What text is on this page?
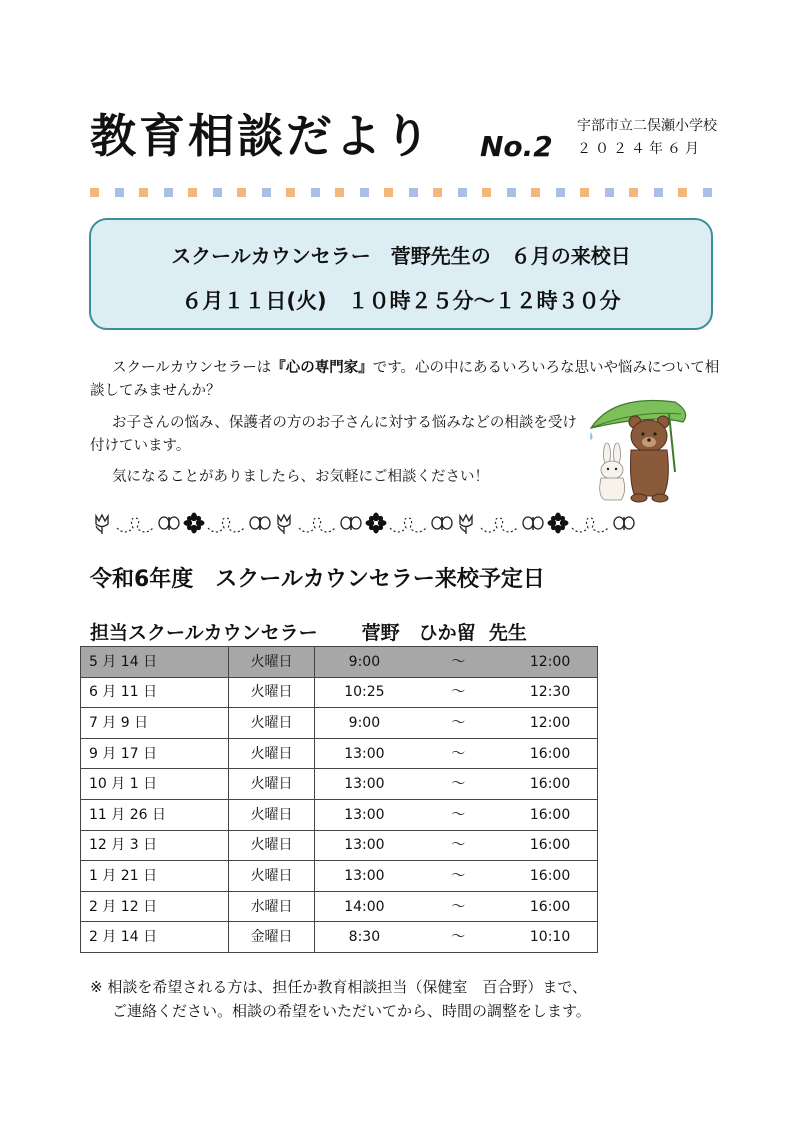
教育相談だより No.2
宇部市立二俣瀬小学校
２０２４年６月
スクールカウンセラー　菅野先生の　６月の来校日
６月１１日(火)　１０時２５分～１２時３０分
スクールカウンセラーは『心の専門家』です。心の中にあるいろいろな思いや悩みについて相談してみませんか？
お子さんの悩み、保護者の方のお子さんに対する悩みなどの相談を受け付けています。
気になることがありましたら、お気軽にご相談ください！
令和6年度　スクールカウンセラー来校予定日
担当スクールカウンセラー 菅野　ひか留 先生
5 月 14 日	火曜日	9:00	～	12:00
6 月 11 日	火曜日	10:25	～	12:30
7 月 9 日	火曜日	9:00	～	12:00
9 月 17 日	火曜日	13:00	～	16:00
10 月 1 日	火曜日	13:00	～	16:00
11 月 26 日	火曜日	13:00	～	16:00
12 月 3 日	火曜日	13:00	～	16:00
1 月 21 日	火曜日	13:00	～	16:00
2 月 12 日	水曜日	14:00	～	16:00
2 月 14 日	金曜日	8:30	～	10:10
※ 相談を希望される方は、担任か教育相談担当（保健室　百合野）まで、
ご連絡ください。相談の希望をいただいてから、時間の調整をします。
